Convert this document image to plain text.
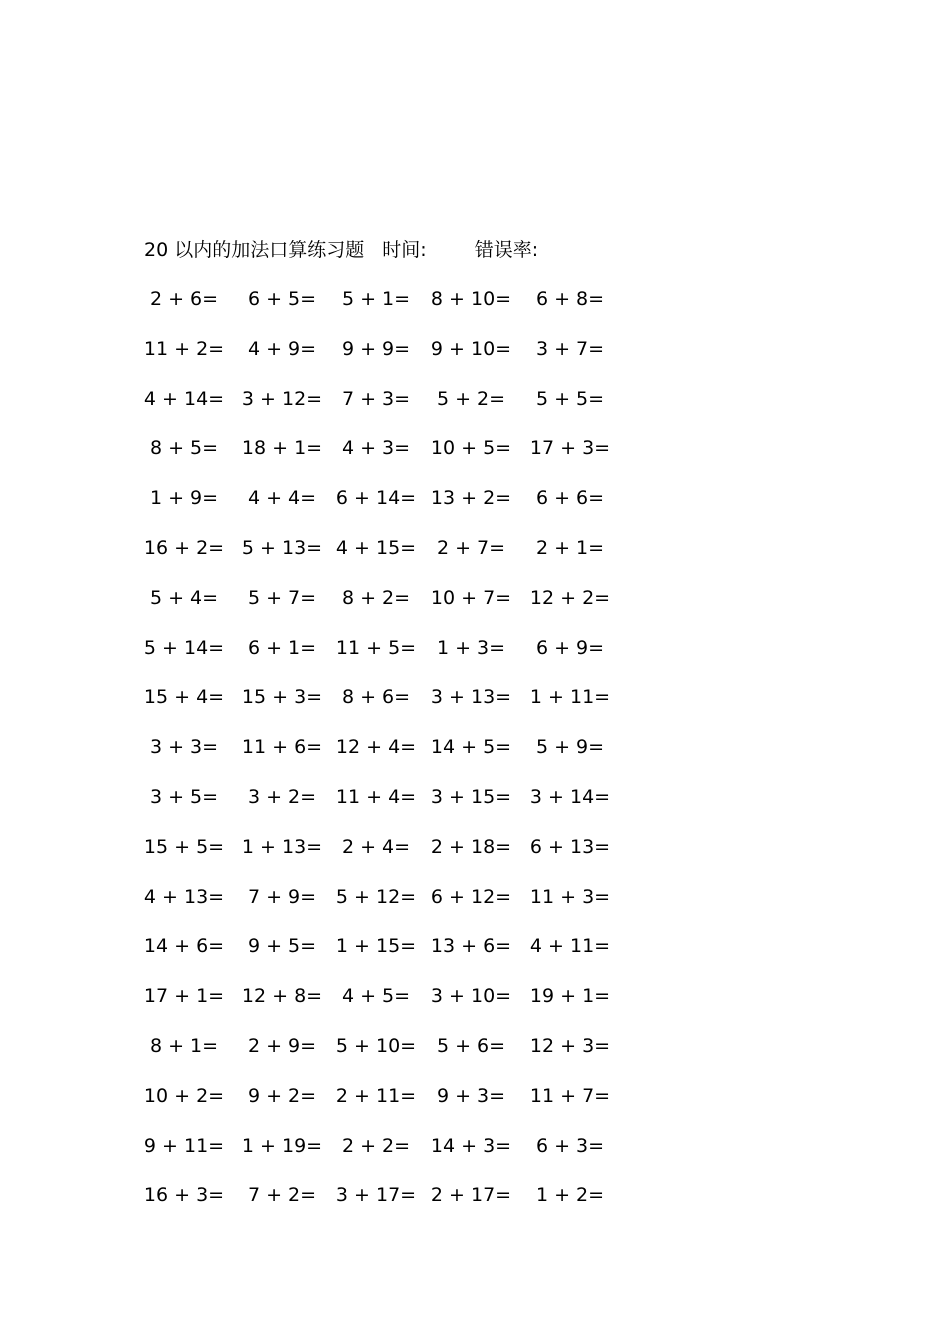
20 以内的加法口算练习题 时间:	错误率:
2 + 6=	6 + 5=	5 + 1=	8 + 10=	6 + 8=
11 + 2=	4 + 9=	9 + 9=	9 + 10=	3 + 7=
4 + 14= 3 + 12=	7 + 3=	5 + 2=	5 + 5=
8 + 5=	18 + 1=	4 + 3=	10 + 5= 17 + 3=
1 + 9=	4 + 4=	6 + 14= 13 + 2=	6 + 6=
16 + 2= 5 + 13= 4 + 15=	2 + 7=	2 + 1=
5 + 4=	5 + 7=	8 + 2=	10 + 7= 12 + 2=
5 + 14=	6 + 1=	11 + 5=	1 + 3=	6 + 9=
15 + 4= 15 + 3=	8 + 6=	3 + 13= 1 + 11=
3 + 3=	11 + 6= 12 + 4= 14 + 5=	5 + 9=
3 + 5=	3 + 2=	11 + 4= 3 + 15= 3 + 14=
15 + 5= 1 + 13=	2 + 4=	2 + 18= 6 + 13=
4 + 13=	7 + 9=	5 + 12= 6 + 12= 11 + 3=
14 + 6=	9 + 5=	1 + 15= 13 + 6= 4 + 11=
17 + 1= 12 + 8=	4 + 5=	3 + 10= 19 + 1=
8 + 1=	2 + 9=	5 + 10=	5 + 6=	12 + 3=
10 + 2=	9 + 2=	2 + 11=	9 + 3=	11 + 7=
9 + 11= 1 + 19=	2 + 2=	14 + 3=	6 + 3=
16 + 3=	7 + 2=	3 + 17= 2 + 17=	1 + 2=
